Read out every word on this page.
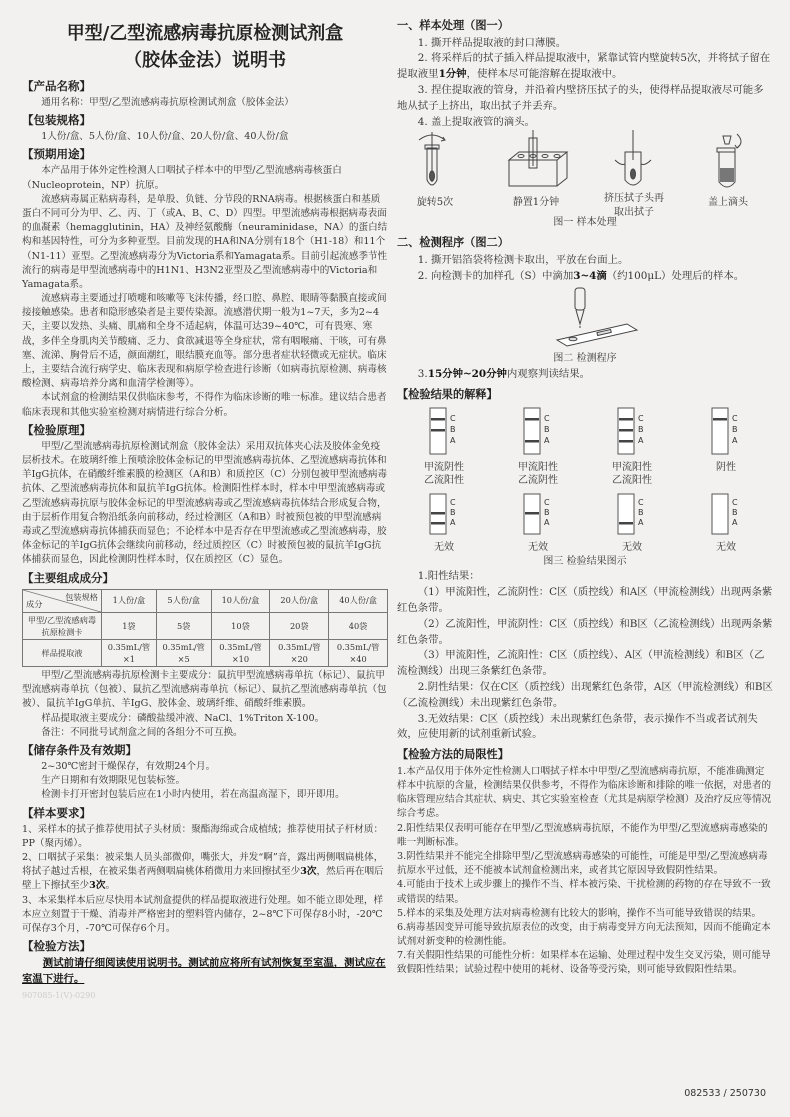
甲型/乙型流感病毒抗原检测试剂盒
（胶体金法）说明书
【产品名称】

通用名称：甲型/乙型流感病毒抗原检测试剂盒（胶体金法）

【包装规格】

1人份/盒、5人份/盒、10人份/盒、20人份/盒、40人份/盒

【预期用途】

本产品用于体外定性检测人口咽拭子样本中的甲型/乙型流感病毒核蛋白（Nucleoprotein，NP）抗原。

流感病毒属正粘病毒科，是单股、负链、分节段的RNA病毒。根据核蛋白和基质蛋白不同可分为甲、乙、丙、丁（或A、B、C、D）四型。甲型流感病毒根据病毒表面的血凝素（hemagglutinin，HA）及神经氨酸酶（neuraminidase，NA）的蛋白结构和基因特性，可分为多种亚型。目前发现的HA和NA分别有18个（H1-18）和11个（N1-11）亚型。乙型流感病毒分为Victoria系和Yamagata系。目前引起流感季节性流行的病毒是甲型流感病毒中的H1N1、H3N2亚型及乙型流感病毒中的Victoria和Yamagata系。

流感病毒主要通过打喷嚏和咳嗽等飞沫传播，经口腔、鼻腔、眼睛等黏膜直接或间接接触感染。患者和隐形感染者是主要传染源。流感潜伏期一般为1~7天，多为2~4天，主要以发热、头痛、肌痛和全身不适起病，体温可达39~40℃，可有畏寒、寒战，多伴全身肌肉关节酸痛、乏力、食欲减退等全身症状，常有咽喉痛、干咳，可有鼻塞、流涕、胸骨后不适，颜面潮红，眼结膜充血等。部分患者症状轻微或无症状。临床上，主要结合流行病学史、临床表现和病原学检查进行诊断（如病毒抗原检测、病毒核酸检测、病毒培养分离和血清学检测等）。

本试剂盒的检测结果仅供临床参考，不得作为临床诊断的唯一标准。建议结合患者临床表现和其他实验室检测对病情进行综合分析。

【检验原理】

甲型/乙型流感病毒抗原检测试剂盒（胶体金法）采用双抗体夹心法及胶体金免疫层析技术。在玻璃纤维上预喷涂胶体金标记的甲型流感病毒抗体、乙型流感病毒抗体和羊IgG抗体，在硝酸纤维素膜的检测区（A和B）和质控区（C）分别包被甲型流感病毒抗体、乙型流感病毒抗体和鼠抗羊IgG抗体。检测阳性样本时，样本中甲型流感病毒或乙型流感病毒抗原与胶体金标记的甲型流感病毒或乙型流感病毒抗体结合形成复合物，由于层析作用复合物沿纸条向前移动，经过检测区（A和B）时被预包被的甲型流感病毒或乙型流感病毒抗体捕获而显色；不论样本中是否存在甲型流感或乙型流感病毒，胶体金标记的羊IgG抗体会继续向前移动，经过质控区（C）时被预包被的鼠抗羊IgG抗体捕获而显色，因此检测阴性样本时，仅在质控区（C）显色。

【主要组成成分】
包装规格
成分	1人份/盒	5人份/盒	10人份/盒	20人份/盒	40人份/盒
甲型/乙型流感病毒抗原检测卡	1袋	5袋	10袋	20袋	40袋
样品提取液	0.35mL/管×1	0.35mL/管×5	0.35mL/管×10	0.35mL/管×20	0.35mL/管×40

甲型/乙型流感病毒抗原检测卡主要成分：鼠抗甲型流感病毒单抗（标记）、鼠抗甲型流感病毒单抗（包被）、鼠抗乙型流感病毒单抗（标记）、鼠抗乙型流感病毒单抗（包被）、鼠抗羊IgG单抗、羊IgG、胶体金、玻璃纤维、硝酸纤维素膜。

样品提取液主要成分：磷酸盐缓冲液、NaCl、1%Triton X-100。

备注：不同批号试剂盒之间的各组分不可互换。

【储存条件及有效期】

2~30℃密封干燥保存，有效期24个月。

生产日期和有效期限见包装标签。

检测卡打开密封包装后应在1小时内使用，若在高温高湿下，即开即用。

【样本要求】

1、采样本的拭子推荐使用拭子头材质：聚酯海绵或合成植绒；推荐使用拭子杆材质：PP（聚丙烯）。

2、口咽拭子采集：被采集人员头部微仰，嘴张大，并发“啊”音，露出两侧咽扁桃体，将拭子越过舌根，在被采集者两侧咽扁桃体稍微用力来回擦拭至少3次，然后再在咽后壁上下擦拭至少3次。

3、本采集样本后应尽快用本试剂盒提供的样品提取液进行处理。如不能立即处理，样本应立刻置于干燥、消毒并严格密封的塑料管内储存，2~8℃下可保存8小时，-20℃可保存3个月，-70℃可保存6个月。

【检验方法】

测试前请仔细阅读使用说明书。测试前应将所有试剂恢复至室温，测试应在室温下进行。

907085-1(V)-0290

一、样本处理（图一）

1. 撕开样品提取液的封口薄膜。

2. 将采样后的拭子插入样品提取液中，紧靠试管内壁旋转5次，并将拭子留在提取液里1分钟，使样本尽可能溶解在提取液中。

3. 捏住提取液的管身，并沿着内壁挤压拭子的头，使得样品提取液尽可能多地从拭子上挤出，取出拭子并丢弃。

4. 盖上提取液管的滴头。

旋转5次	静置1分钟	挤压拭子头再取出拭子
盖上滴头
图一 样本处理
二、检测程序（图二）

1. 撕开铝箔袋将检测卡取出，平放在台面上。

2. 向检测卡的加样孔（S）中滴加3~4滴（约100μL）处理后的样本。

图二 检测程序

3.15分钟~20分钟内观察判读结果。

【检验结果的解释】
C
B
A
甲流阴性
乙流阳性
C
B
A
甲流阳性
乙流阴性
C
B
A
甲流阳性
乙流阳性
C
B
A
阴性
C
B
A
无效
C
B
A
无效
C
B
A
无效
C
B
A
无效
图三 检验结果图示

1.阳性结果：

（1）甲流阳性，乙流阴性：C区（质控线）和A区（甲流检测线）出现两条紫红色条带。

（2）乙流阳性，甲流阴性：C区（质控线）和B区（乙流检测线）出现两条紫红色条带。

（3）甲流阳性，乙流阳性：C区（质控线）、A区（甲流检测线）和B区（乙流检测线）出现三条紫红色条带。

2.阴性结果：仅在C区（质控线）出现紫红色条带，A区（甲流检测线）和B区（乙流检测线）未出现紫红色条带。

3.无效结果：C区（质控线）未出现紫红色条带，表示操作不当或者试剂失效，应使用新的试剂重新试验。

【检验方法的局限性】

1.本产品仅用于体外定性检测人口咽拭子样本中甲型/乙型流感病毒抗原，不能准确测定样本中抗原的含量，检测结果仅供参考，不得作为临床诊断和排除的唯一依据，对患者的临床管理应结合其症状、病史、其它实验室检查（尤其是病原学检测）及治疗反应等情况综合考虑。

2.阳性结果仅表明可能存在甲型/乙型流感病毒抗原，不能作为甲型/乙型流感病毒感染的唯一判断标准。

3.阴性结果并不能完全排除甲型/乙型流感病毒感染的可能性，可能是甲型/乙型流感病毒抗原水平过低，还不能被本试剂盒检测出来，或者其它原因导致假阴性结果。

4.可能由于技术上或步骤上的操作不当、样本被污染、干扰检测的药物的存在导致不一致或错误的结果。

5.样本的采集及处理方法对病毒检测有比较大的影响，操作不当可能导致错误的结果。

6.病毒基因变异可能导致抗原表位的改变，由于病毒变异方向无法预知，因而不能确定本试剂对新变种的检测性能。

7.有关假阳性结果的可能性分析：如果样本在运输、处理过程中发生交叉污染，则可能导致假阳性结果；试验过程中使用的耗材、设备等受污染，则可能导致假阳性结果。

082533 / 250730
